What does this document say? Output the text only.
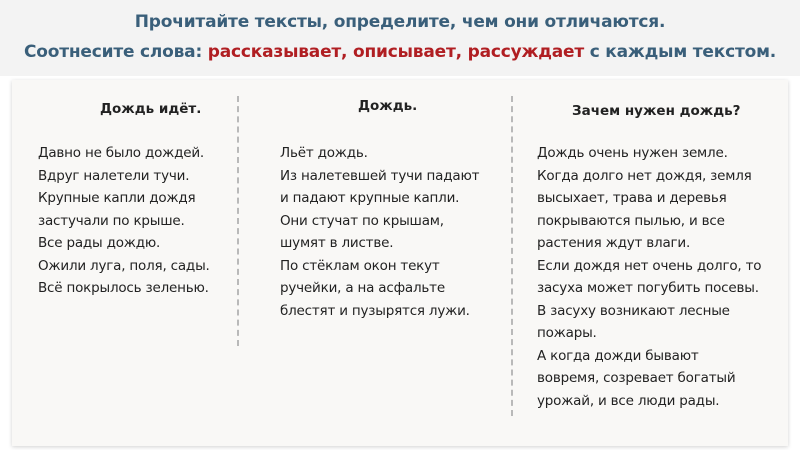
Прочитайте тексты, определите, чем они отличаются.
Соотнесите слова: рассказывает, описывает, рассуждает с каждым текстом.
Дождь идёт.
Давно не было дождей.
Вдруг налетели тучи.
Крупные капли дождя
застучали по крыше.
Все рады дождю.
Ожили луга, поля, сады.
Всё покрылось зеленью.
Дождь.
Льёт дождь.
Из налетевшей тучи падают
и падают крупные капли.
Они стучат по крышам,
шумят в листве.
По стёклам окон текут
ручейки, а на асфальте
блестят и пузырятся лужи.
Зачем нужен дождь?
Дождь очень нужен земле.
Когда долго нет дождя, земля
высыхает, трава и деревья
покрываются пылью, и все
растения ждут влаги.
Если дождя нет очень долго, то
засуха может погубить посевы.
В засуху возникают лесные
пожары.
А когда дожди бывают
вовремя, созревает богатый
урожай, и все люди рады.
